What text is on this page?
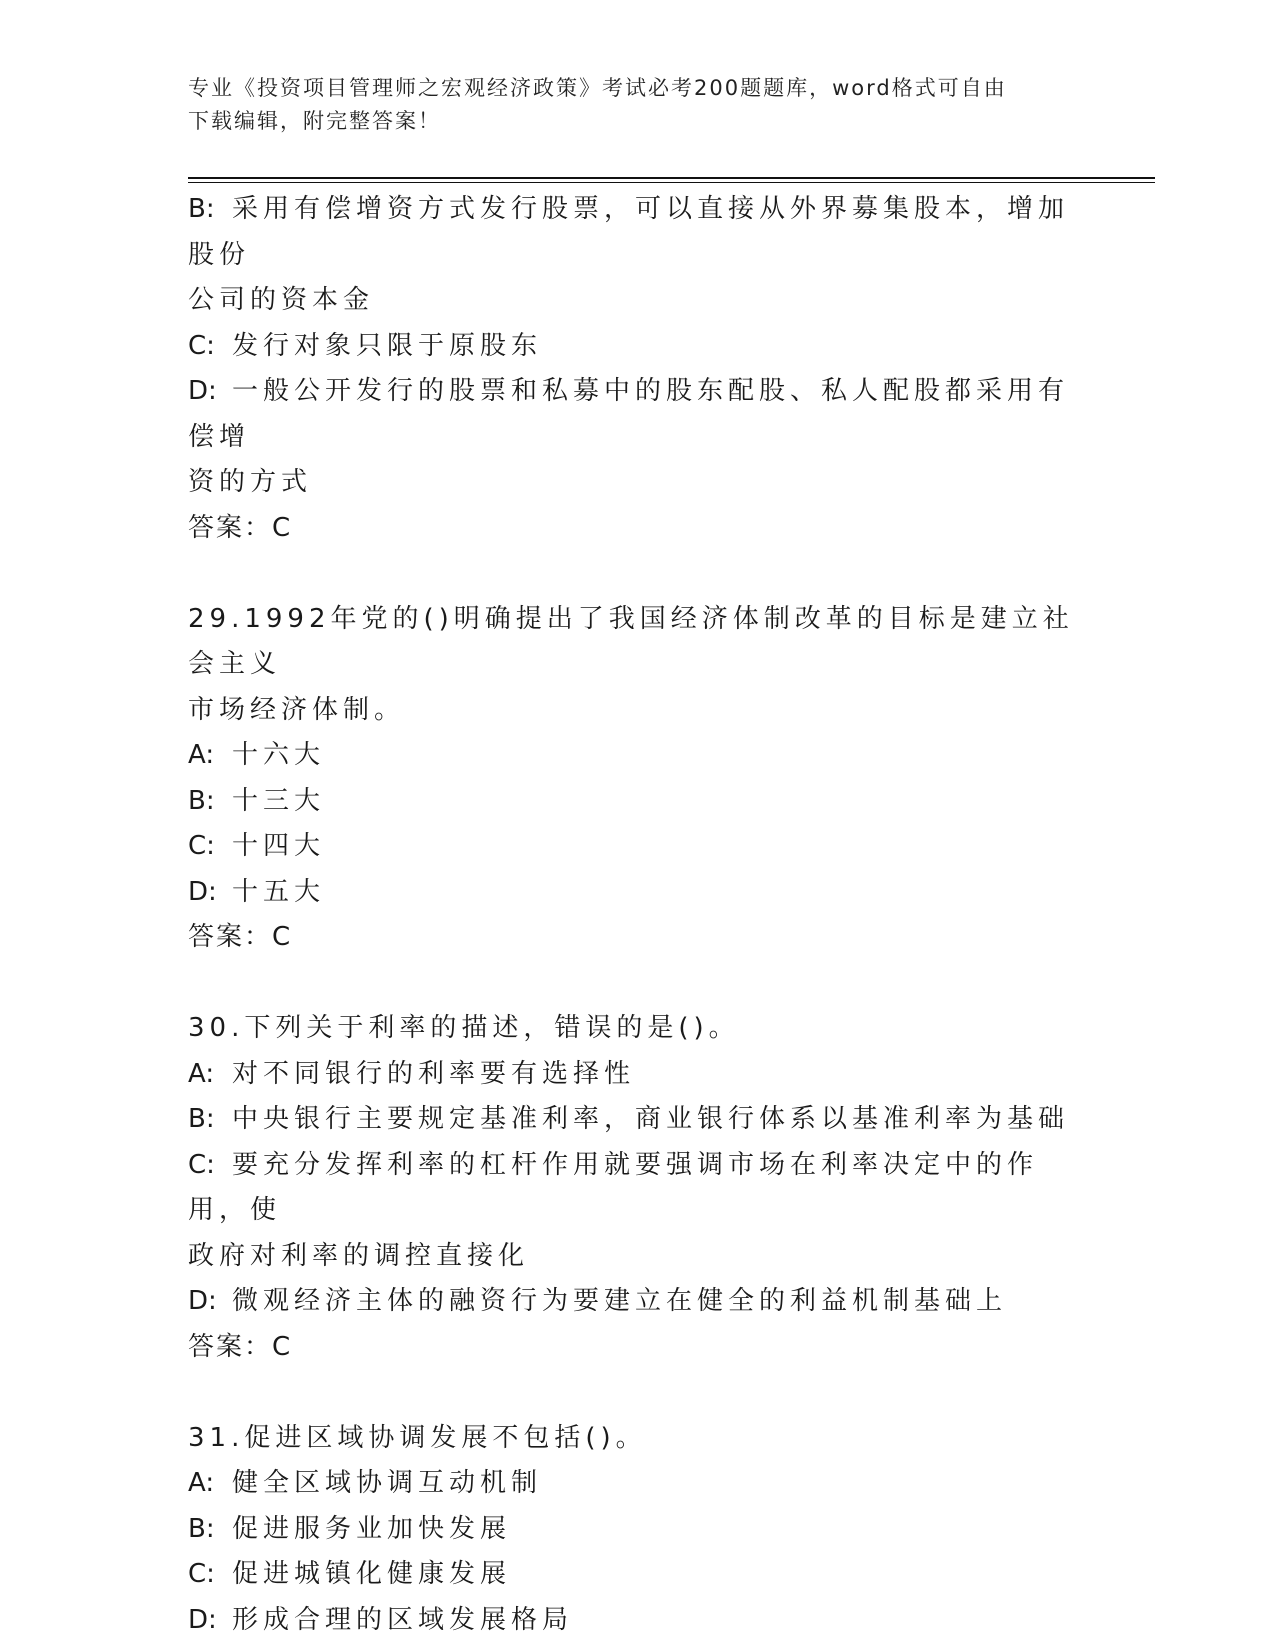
专业《投资项目管理师之宏观经济政策》考试必考200题题库，word格式可自由
下载编辑，附完整答案！
B: 采用有偿增资方式发行股票，可以直接从外界募集股本，增加股份
公司的资本金
C: 发行对象只限于原股东
D: 一般公开发行的股票和私募中的股东配股、私人配股都采用有偿增
资的方式
答案：C
29.1992年党的()明确提出了我国经济体制改革的目标是建立社会主义
市场经济体制。
A: 十六大
B: 十三大
C: 十四大
D: 十五大
答案：C
30.下列关于利率的描述，错误的是()。
A: 对不同银行的利率要有选择性
B: 中央银行主要规定基准利率，商业银行体系以基准利率为基础
C: 要充分发挥利率的杠杆作用就要强调市场在利率决定中的作用，使
政府对利率的调控直接化
D: 微观经济主体的融资行为要建立在健全的利益机制基础上
答案：C
31.促进区域协调发展不包括()。
A: 健全区域协调互动机制
B: 促进服务业加快发展
C: 促进城镇化健康发展
D: 形成合理的区域发展格局
